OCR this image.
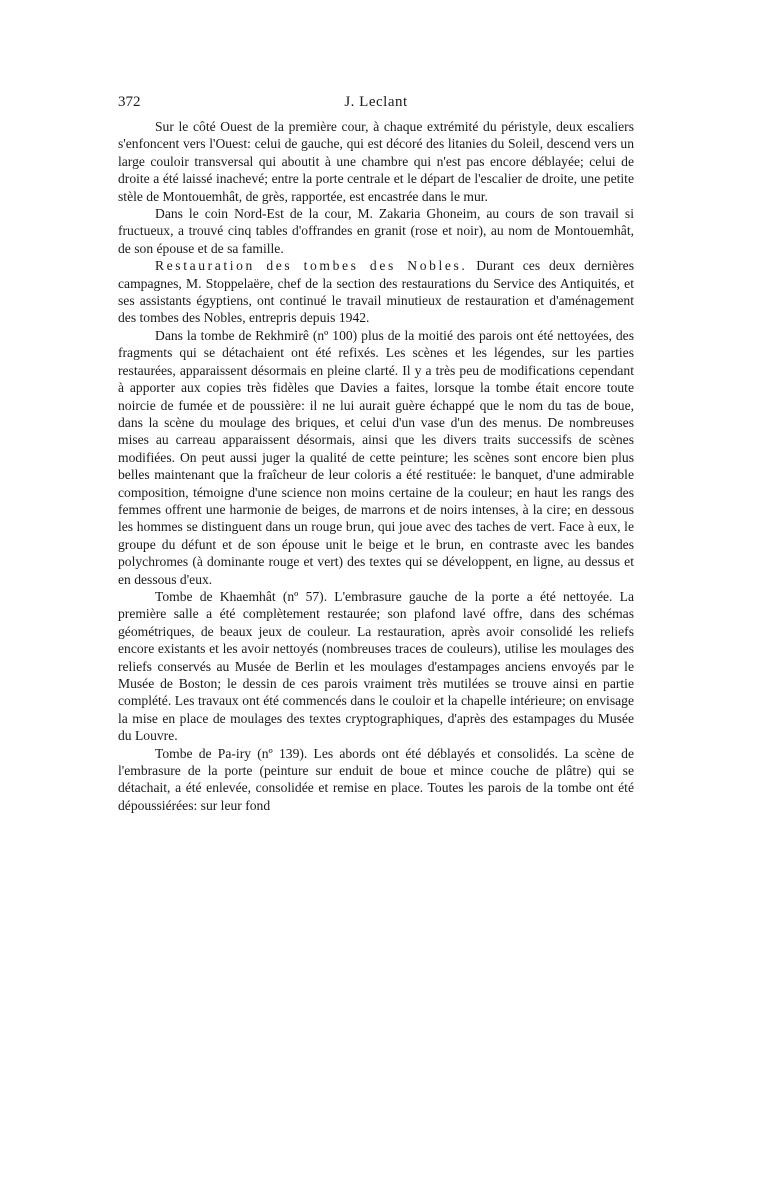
372	J. Leclant

Sur le côté Ouest de la première cour, à chaque extrémité du péristyle, deux escaliers s'enfoncent vers l'Ouest: celui de gauche, qui est décoré des litanies du Soleil, descend vers un large couloir transversal qui aboutit à une chambre qui n'est pas encore déblayée; celui de droite a été laissé inachevé; entre la porte centrale et le départ de l'escalier de droite, une petite stèle de Montouemhât, de grès, rapportée, est encastrée dans le mur.

Dans le coin Nord-Est de la cour, M. Zakaria Ghoneim, au cours de son travail si fructueux, a trouvé cinq tables d'offrandes en granit (rose et noir), au nom de Montouemhât, de son épouse et de sa famille.

Restauration des tombes des Nobles. Durant ces deux dernières campagnes, M. Stoppelaëre, chef de la section des restaurations du Service des Antiquités, et ses assistants égyptiens, ont continué le travail minutieux de restauration et d'aménagement des tombes des Nobles, entrepris depuis 1942.

Dans la tombe de Rekhmirê (nº 100) plus de la moitié des parois ont été nettoyées, des fragments qui se détachaient ont été refixés. Les scènes et les légendes, sur les parties restaurées, apparaissent désormais en pleine clarté. Il y a très peu de modifications cependant à apporter aux copies très fidèles que Davies a faites, lorsque la tombe était encore toute noircie de fumée et de poussière: il ne lui aurait guère échappé que le nom du tas de boue, dans la scène du moulage des briques, et celui d'un vase d'un des menus. De nombreuses mises au carreau apparaissent désormais, ainsi que les divers traits successifs de scènes modifiées. On peut aussi juger la qualité de cette peinture; les scènes sont encore bien plus belles maintenant que la fraîcheur de leur coloris a été restituée: le banquet, d'une admirable composition, témoigne d'une science non moins certaine de la couleur; en haut les rangs des femmes offrent une harmonie de beiges, de marrons et de noirs intenses, à la cire; en dessous les hommes se distinguent dans un rouge brun, qui joue avec des taches de vert. Face à eux, le groupe du défunt et de son épouse unit le beige et le brun, en contraste avec les bandes polychromes (à dominante rouge et vert) des textes qui se développent, en ligne, au dessus et en dessous d'eux.

Tombe de Khaemhât (nº 57). L'embrasure gauche de la porte a été nettoyée. La première salle a été complètement restaurée; son plafond lavé offre, dans des schémas géométriques, de beaux jeux de couleur. La restauration, après avoir consolidé les reliefs encore existants et les avoir nettoyés (nombreuses traces de couleurs), utilise les moulages des reliefs conservés au Musée de Berlin et les moulages d'estampages anciens envoyés par le Musée de Boston; le dessin de ces parois vraiment très mutilées se trouve ainsi en partie complété. Les travaux ont été commencés dans le couloir et la chapelle intérieure; on envisage la mise en place de moulages des textes cryptographiques, d'après des estampages du Musée du Louvre.

Tombe de Pa-iry (nº 139). Les abords ont été déblayés et consolidés. La scène de l'embrasure de la porte (peinture sur enduit de boue et mince couche de plâtre) qui se détachait, a été enlevée, consolidée et remise en place. Toutes les parois de la tombe ont été dépoussiérées: sur leur fond
